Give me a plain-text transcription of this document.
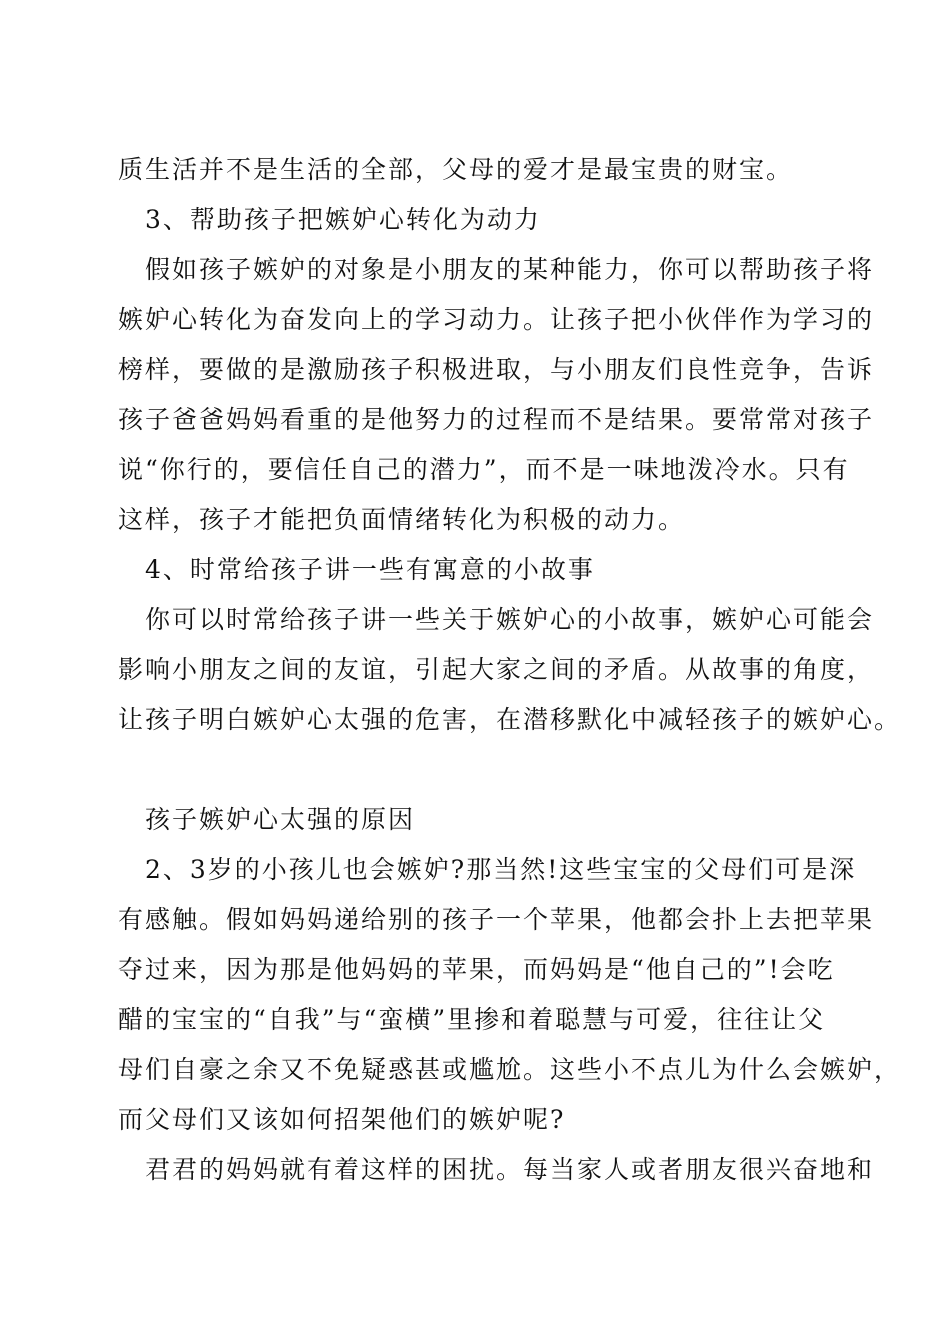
质生活并不是生活的全部，父母的爱才是最宝贵的财宝。
3、帮助孩子把嫉妒心转化为动力
假如孩子嫉妒的对象是小朋友的某种能力，你可以帮助孩子将
嫉妒心转化为奋发向上的学习动力。让孩子把小伙伴作为学习的
榜样，要做的是激励孩子积极进取，与小朋友们良性竞争，告诉
孩子爸爸妈妈看重的是他努力的过程而不是结果。要常常对孩子
说“你行的，要信任自己的潜力”，而不是一味地泼冷水。只有
这样，孩子才能把负面情绪转化为积极的动力。
4、时常给孩子讲一些有寓意的小故事
你可以时常给孩子讲一些关于嫉妒心的小故事，嫉妒心可能会
影响小朋友之间的友谊，引起大家之间的矛盾。从故事的角度，
让孩子明白嫉妒心太强的危害，在潜移默化中减轻孩子的嫉妒心。
孩子嫉妒心太强的原因
2、3岁的小孩儿也会嫉妒?那当然!这些宝宝的父母们可是深
有感触。假如妈妈递给别的孩子一个苹果，他都会扑上去把苹果
夺过来，因为那是他妈妈的苹果，而妈妈是“他自己的”!会吃
醋的宝宝的“自我”与“蛮横”里掺和着聪慧与可爱，往往让父
母们自豪之余又不免疑惑甚或尴尬。这些小不点儿为什么会嫉妒，
而父母们又该如何招架他们的嫉妒呢?
君君的妈妈就有着这样的困扰。每当家人或者朋友很兴奋地和
